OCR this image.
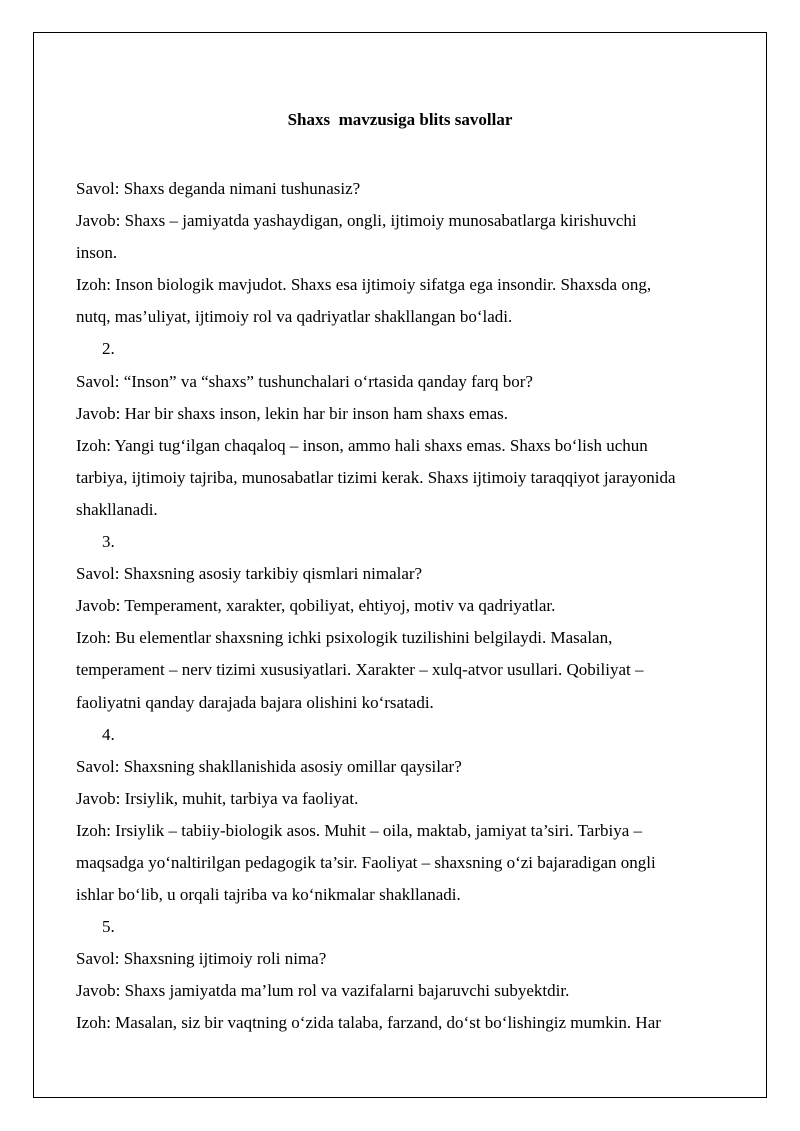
Shaxs  mavzusiga blits savollar
Savol: Shaxs deganda nimani tushunasiz?
Javob: Shaxs – jamiyatda yashaydigan, ongli, ijtimoiy munosabatlarga kirishuvchi
inson.
Izoh: Inson biologik mavjudot. Shaxs esa ijtimoiy sifatga ega insondir. Shaxsda ong,
nutq, mas’uliyat, ijtimoiy rol va qadriyatlar shakllangan bo‘ladi.
2.
Savol: “Inson” va “shaxs” tushunchalari o‘rtasida qanday farq bor?
Javob: Har bir shaxs inson, lekin har bir inson ham shaxs emas.
Izoh: Yangi tug‘ilgan chaqaloq – inson, ammo hali shaxs emas. Shaxs bo‘lish uchun
tarbiya, ijtimoiy tajriba, munosabatlar tizimi kerak. Shaxs ijtimoiy taraqqiyot jarayonida
shakllanadi.
3.
Savol: Shaxsning asosiy tarkibiy qismlari nimalar?
Javob: Temperament, xarakter, qobiliyat, ehtiyoj, motiv va qadriyatlar.
Izoh: Bu elementlar shaxsning ichki psixologik tuzilishini belgilaydi. Masalan,
temperament – nerv tizimi xususiyatlari. Xarakter – xulq-atvor usullari. Qobiliyat –
faoliyatni qanday darajada bajara olishini ko‘rsatadi.
4.
Savol: Shaxsning shakllanishida asosiy omillar qaysilar?
Javob: Irsiylik, muhit, tarbiya va faoliyat.
Izoh: Irsiylik – tabiiy-biologik asos. Muhit – oila, maktab, jamiyat ta’siri. Tarbiya –
maqsadga yo‘naltirilgan pedagogik ta’sir. Faoliyat – shaxsning o‘zi bajaradigan ongli
ishlar bo‘lib, u orqali tajriba va ko‘nikmalar shakllanadi.
5.
Savol: Shaxsning ijtimoiy roli nima?
Javob: Shaxs jamiyatda ma’lum rol va vazifalarni bajaruvchi subyektdir.
Izoh: Masalan, siz bir vaqtning o‘zida talaba, farzand, do‘st bo‘lishingiz mumkin. Har
